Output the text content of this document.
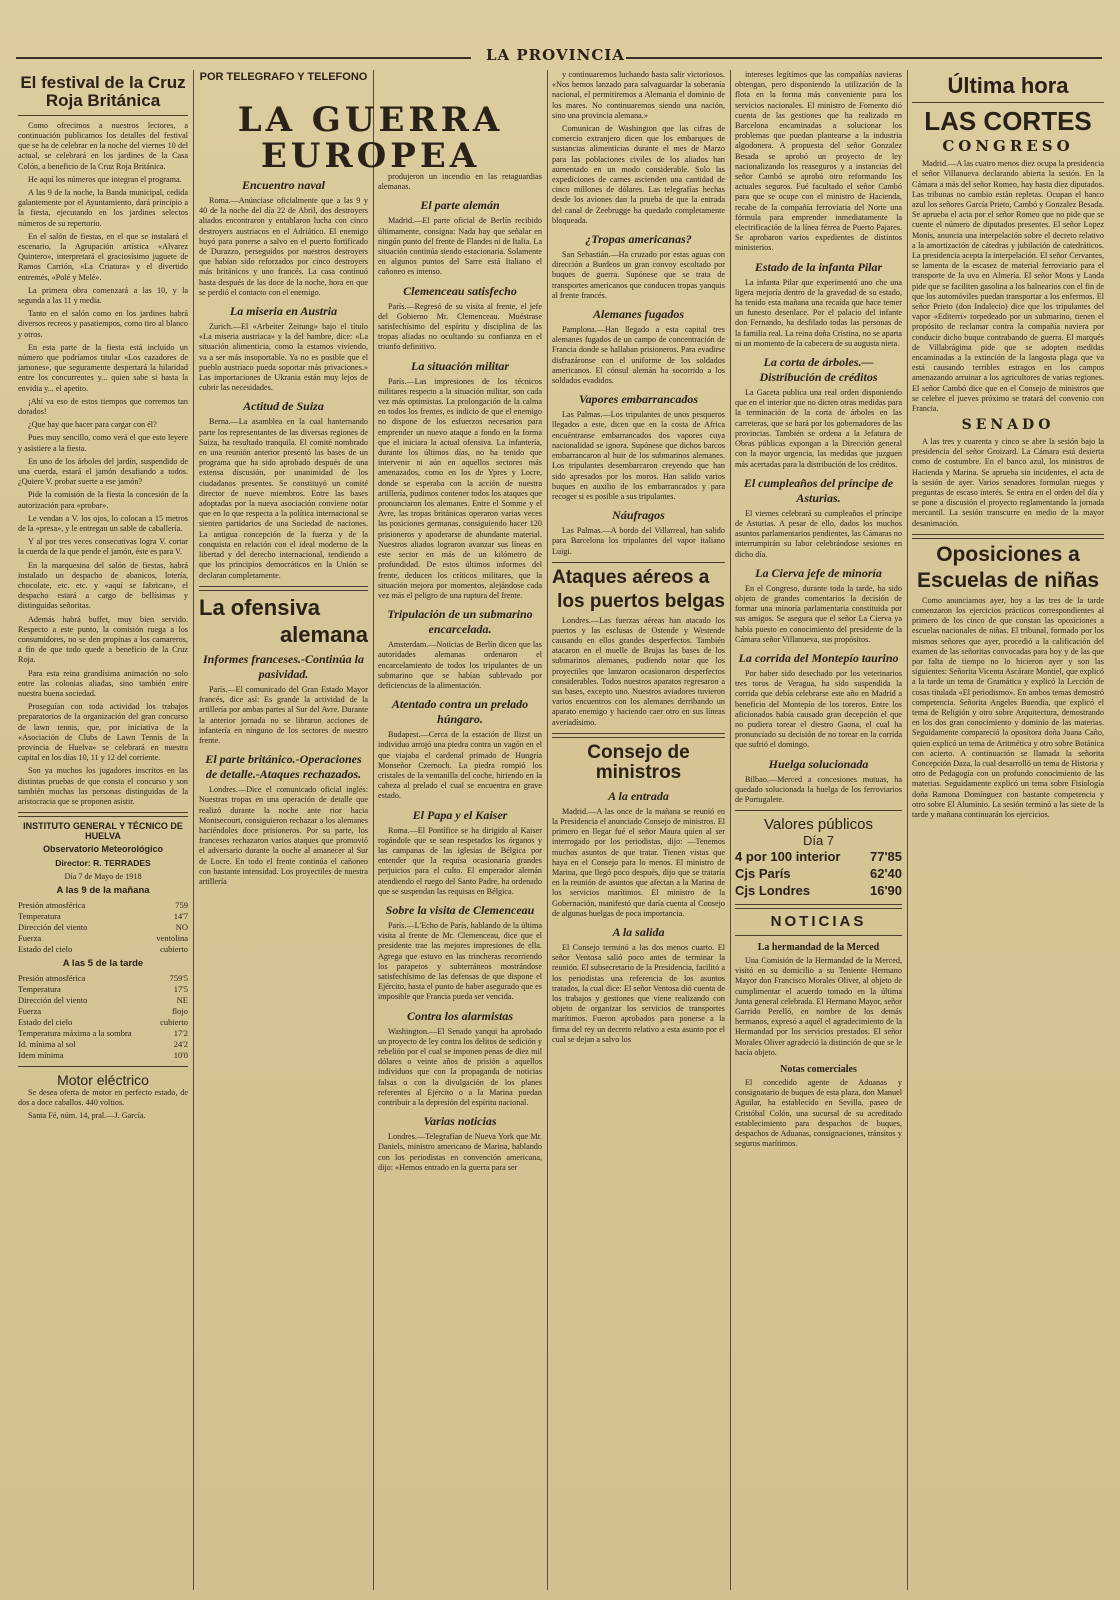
LA PROVINCIA
El festival de la Cruz Roja Británica

Como ofrecimos a nuestros lectores, a continuación publicamos los detalles del festival que se ha de celebrar en la noche del viernes 10 del actual, se celebrará en los jardines de la Casa Colón, a beneficio de la Cruz Roja Británica.

He aquí los números que integran el programa.

A las 9 de la noche, la Banda municipal, cedida galantemente por el Ayuntamiento, dará principio a la fiesta, ejecutando en los jardines selectos números de su repertorio.

En el salón de fiestas, en el que se instalará el escenario, la Agrupación artística «Alvarez Quintero», interpretará el graciosísimo juguete de Ramos Carrión, «La Criatura» y el divertido entremés, «Polé y Melé».

La primera obra comenzará a las 10, y la segunda a las 11 y media.

Tanto en el salón como en los jardines habrá diversos recreos y pasatiempos, como tiro al blanco y otros.

En esta parte de la fiesta está incluido un número que podríamos titular «Los cazadores de jamones», que seguramente despertará la hilaridad entre los concurrentes y... quien sabe si hasta la envidia y... el apetito.

¡Ahí va eso de estos tiempos que corremos tan dorados!

¿Que hay que hacer para cargar con él?

Pues muy sencillo, como verá el que esto leyere y asistiere a la fiesta.

En uno de los árboles del jardín, suspendido de una cuerda, estará el jamón desafiando a todos. ¿Quiere V. probar suerte a ese jamón?

Pide la comisión de la fiesta la concesión de la autorización para «probar».

Le vendan a V. los ojos, lo colocan a 15 metros de la «presa», y le entregan un sable de caballería.

Y al por tres veces consecutivas logra V. cortar la cuerda de la que pende el jamón, éste es para V.

En la marquesina del salón de fiestas, habrá instalado un despacho de abanicos, lotería, chocolate, etc. etc. y «aquí se fabrican», el despacho estará a cargo de bellísimas y distinguidas señoritas.

Además habrá buffet, muy bien servido. Respecto a este punto, la comisión ruega a los consumidores, no se den propinas a los camareros, a fin de que todo quede a beneficio de la Cruz Roja.

Para esta reina grandísima animación no solo entre las colonias aliadas, sino también entre nuestra buena sociedad.

Proseguían con toda actividad los trabajos preparatorios de la organización del gran concurso de lawn tennis, que, por iniciativa de la «Asociación de Clubs de Lawn Tennis de la provincia de Huelva» se celebrará en nuestra capital en los días 10, 11 y 12 del corriente.

Son ya muchos los jugadores inscritos en las distintas pruebas de que consta el concurso y son también muchas las personas distinguidas de la aristocracia que se proponen asistir.

INSTITUTO GENERAL Y TÉCNICO DE HUELVA
Observatorio Meteorológico
Director: R. TERRADES
Día 7 de Mayo de 1918
A las 9 de la mañana
Presión atmosférica	759
Temperatura	14'7
Dirección del viento	NO
Fuerza	ventolina
Estado del cielo	cubierto
A las 5 de la tarde
Presión atmosférica	759'5
Temperatura	17'5
Dirección del viento	NE
Fuerza	flojo
Estado del cielo	cubierto
Temperatura máxima a la sombra	17'2
Id. mínima al sol	24'2
Idem mínima	10'0
Motor eléctrico
Se desea oferta de motor en perfecto estado, de dos a doce caballos. 440 voltios.
Santa Fé, núm. 14, pral.—J. García.
POR TELEGRAFO Y TELEFONO
LA GUERRA
EUROPEA
Encuentro naval

Roma.—Anúnciase oficialmente que a las 9 y 40 de la noche del día 22 de Abril, dos destroyers aliados encontraron y entablaron lucha con cinco destroyers austriacos en el Adriático. El enemigo huyó para ponerse a salvo en el puerto fortificado de Durazzo, perseguidos por nuestros destroyers que habían sido reforzados por cinco destroyers más británicos y uno francés. La casa continuó hasta después de las doce de la noche, hora en que se perdió el contacto con el enemigo.

La miseria en Austria

Zurich.—El «Arbeiter Zeitung» bajo el título «La miseria austriaca» y la del hambre, dice: «La situación alimenticia, como la estamos viviendo, va a ser más insoportable. Ya no es posible que el pueblo austriaco pueda soportar más privaciones.» Las importaciones de Ukrania están muy lejos de cubrir las necesidades.

Actitud de Suiza

Berna.—La asamblea en la cual hanternando parte los representantes de las diversas regiones de Suiza, ha resultado tranquila. El comité nombrado en una reunión anterior presentó las bases de un programa que ha sido aprobado después de una extensa discusión, por unanimidad de los ciudadanos presentes. Se constituyó un comité director de nueve miembros. Entre las bases adoptadas por la nueva asociación conviene notar que en lo que respecta a la política internacional se sienten partidarios de una Sociedad de naciones. La antigua concepción de la fuerza y de la conquista en relación con el ideal moderno de la libertad y del derecho internacional, tendiendo a que los principios democráticos en la Unión se declaran completamente.

La ofensiva
alemana
Informes franceses.-Continúa la pasividad.
París.—El comunicado del Gran Estado Mayor francés, dice así: Es grande la actividad de la artillería por ambas partes al Sur del Avre. Durante la anterior jornada no se libraron acciones de infantería en ninguno de los sectores de nuestro frente.
El parte británico.-Operaciones de detalle.-Ataques rechazados.
Londres.—Dice el comunicado oficial inglés: Nuestras tropas en una operación de detalle que realizó durante la noche ante rior hacia Montsecourt, consiguieron rechazar a los alemanes haciéndoles doce prisioneros. Por su parte, los franceses rechazaron varios ataques que promovió el adversario durante la noche al amanecer al Sur de Locre. En todo el frente continúa el cañoneo con bastante intensidad. Los proyectiles de nuestra artillería
produjeron un incendio en las retaguardias alemanas.
El parte alemán

Madrid.—El parte oficial de Berlín recibido últimamente, consigna: Nada hay que señalar en ningún punto del frente de Flandes ni de Italia. La situación continúa siendo estacionaria. Solamente en algunos puntos del Sarre está Italiano el cañoneo es intenso.

Clemenceau satisfecho

París.—Regresó de su visita al frente, el jefe del Gobierno Mr. Clemenceau. Muéstrase satisfechísimo del espíritu y disciplina de las tropas aliadas no ocultando su confianza en el triunfo definitivo.

La situación militar

París.—Las impresiones de los técnicos militares respecto a la situación militar, son cada vez más optimistas. La prolongación de la calma en todos los frentes, es indicio de que el enemigo no dispone de los esfuerzos necesarios para emprender un nuevo ataque a fondo en la forma que el iniciara la actual ofensiva. La infantería, durante los últimos días, no ha tenido que intervenir ni aún en aquellos sectores más amenazados, como en los de Ypres y Locre, donde se esperaba con la acción de nuestra artillería, pudimos contener todos los ataques que pronunciaron los alemanes. Entre el Somme y el Avre, las tropas británicas operaron varias veces las posiciones germanas, consiguiendo hacer 120 prisioneros y apoderarse de abundante material. Nuestros aliados lograron avanzar sus líneas en este sector en más de un kilómetro de profundidad. De estos últimos informes del frente, deducen los críticos militares, que la situación mejora por momentos, alejándose cada vez más el peligro de una ruptura del frente.

Tripulación de un submarino encarcelada.

Amsterdam.—Noticias de Berlín dicen que las autoridades alemanas ordenaron el encarcelamiento de todos los tripulantes de un submarino que se habían sublevado por deficiencias de la alimentación.

Atentado contra un prelado húngaro.

Budapest.—Cerca de la estación de Ilizst un individuo arrojó una piedra contra un vagón en el que viajaba el cardenal primado de Hungría Monseñor Czernoch. La piedra rompió los cristales de la ventanilla del coche, hiriendo en la cabeza al prelado el cual se encuentra en grave estado.

El Papa y el Kaiser

Roma.—El Pontífice se ha dirigido al Kaiser rogándole que se sean respetados los órganos y las campanas de las iglesias de Bélgica por entender que la requisa ocasionaría grandes perjuicios para el culto. El emperador alemán atendiendo el ruego del Santo Padre, ha ordenado que se suspendan las requisas en Bélgica.

Sobre la visita de Clemenceau

París.—L'Echo de París, hablando de la última visita al frente de Mr. Clemenceau, dice que el presidente trae las mejores impresiones de ella. Agrega que estuvo en las trincheras recorriendo los parapetos y subterráneos mostrándose satisfechísimo de las defensas de que dispone el Ejército, hasta el punto de haber asegurado que es imposible que Francia pueda ser vencida.

Contra los alarmistas

Washington.—El Senado yanqui ha aprobado un proyecto de ley contra los delitos de sedición y rebelión por el cual se imponen penas de diez mil dólares o veinte años de prisión a aquellos individuos que con la propaganda de noticias falsas o con la divulgación de los planes referentes al Ejército o a la Marina puedan contribuir a la depresión del espíritu nacional.

Varias noticias

Londres.—Telegrafían de Nueva York que Mr. Daniels, ministro americano de Marina, hablando con los periodistas en convención americana, dijo: «Hemos entrado en la guerra para ser

y continuaremos luchando hasta salir victoriosos. «Nos hemos lanzado para salvaguardar la soberanía nacional, el permitiremos a Alemania el dominio de los mares. No continuaremos siendo una nación, sino una provincia alemana.»
Comunican de Washington que las cifras de comercio extranjero dicen que los embarques de sustancias alimenticias durante el mes de Marzo para las poblaciones civiles de los aliados han aumentado en un modo considerable. Solo las expediciones de carnes ascienden una cantidad de cinco millones de dólares. Las telegrafías hechas desde los aviones dan la prueba de que la entrada del canal de Zeebrugge ha quedado completamente bloqueada.
¿Tropas americanas?

San Sebastián.—Ha cruzado por estas aguas con dirección a Burdeos un gran convoy escoltado por buques de guerra. Supónese que se trata de transportes americanos que conducen tropas yanquis al frente francés.

Alemanes fugados

Pamplona.—Han llegado a esta capital tres alemanes fugados de un campo de concentración de Francia donde se hallaban prisioneros. Para evadirse disfrazáronse con el uniforme de los soldados americanos. El cónsul alemán ha socorrido a los soldados evadidos.

Vapores embarrancados

Las Palmas.—Los tripulantes de unos pesqueros llegados a este, dicen que en la costa de Africa encuéntranse embarrancados dos vapores cuya nacionalidad se ignora. Supónese que dichos barcos embarrancaron al huir de los submarinos alemanes. Los tripulantes desembarcaron creyendo que han sido apresados por los moros. Han salido varios buques en auxilio de los embarrancados y para recoger si es posible a sus tripulantes.

Náufragos

Las Palmas.—A bordo del Villarreal, han salido para Barcelona los tripulantes del vapor italiano Luigi.

Ataques aéreos a
los puertos belgas
Londres.—Las fuerzas aéreas han atacado los puertos y las esclusas de Ostende y Westende causando en ellos grandes desperfectos. También atacaron en el muelle de Brujas las bases de los submarinos alemanes, pudiendo notar que los proyectiles que lanzaron ocasionaron desperfectos considerables. Todos nuestros aparatos regresaron a sus bases, excepto uno. Nuestros aviadores tuvieron varios encuentros con los alemanes derribando un aparato enemigo y haciendo caer otro en sus líneas averiadísimo.
Consejo de ministros
A la entrada

Madrid.—A las once de la mañana se reunió en la Presidencia el anunciado Consejo de ministros. El primero en llegar fué el señor Maura quien al ser interrogado por los periodistas, dijo: —Tenemos muchos asuntos de que tratar. Tienen vistas que haya en el Consejo para lo menos. El ministro de Marina, que llegó poco después, dijo que se trataría en la reunión de asuntos que afectan a la Marina de los servicios marítimos. El ministro de la Gobernación, manifestó que daría cuenta al Consejo de algunas huelgas de poca importancia.

A la salida

El Consejo terminó a las dos menos cuarto. El señor Ventosa salió poco antes de terminar la reunión. El subsecretario de la Presidencia, facilitó a los periodistas una referencia de los asuntos tratados, la cual dice: El señor Ventosa dió cuenta de los trabajos y gestiones que viene realizando con objeto de organizar los servicios de transportes marítimos. Fueron aprobados para ponerse a la firma del rey un decreto relativo a esta asunto por el cual se dejan a salvo los

intereses legítimos que las compañías navieras obtengan, pero disponiendo la utilización de la flota en la forma más conveniente para los servicios nacionales. El ministro de Fomento dió cuenta de las gestiones que ha realizado en Barcelona encaminadas a solucionar los problemas que puedan plantearse a la industria algodonera. A propuesta del señor Gonzalez Besada se aprobó un proyecto de ley nacionalizando los reaseguros y a instancias del señor Cambó se aprobó otro reformando los actuales seguros. Fué facultado el señor Cambó para que se ocupe con el ministro de Hacienda, recabe de la compañía ferroviaria del Norte una fórmula para emprender inmediatamente la electrificación de la línea férrea de Puerto Pajares. Se aprobaron varios expedientes de distintos ministerios.
Estado de la infanta Pilar

La infanta Pilar que experimentó ano che una ligera mejoría dentro de la gravedad de su estado, ha tenido esta mañana una recaída que hace temer un funesto desenlace. Por el palacio del infante don Fernando, ha desfilado todas las personas de la familia real. La reina doña Cristina, no se aparta ni un momento de la cabecera de su augusta nieta.

La corta de árboles.—Distribución de créditos

La Gaceta publica una real orden disponiendo que en el interior que no dicten otras medidas para la terminación de la corta de árboles en las carreteras, que se hará por los gobernadores de las provincias. También se ordena a la Jefatura de Obras públicas expongan a la Dirección general con la mayor urgencia, las medidas que juzguen más acertadas para la distribución de los créditos.

El cumpleaños del príncipe de Asturias.

El viernes celebrará su cumpleaños el príncipe de Asturias. A pesar de ello, dados los muchos asuntos parlamentarios pendientes, las Cámaras no interrumpirán su labor celebrándose sesiones en dicho día.

La Cierva jefe de minoría

En el Congreso, durante toda la tarde, ha sido objeto de grandes comentarios la decisión de formar una minoría parlamentaria constituida por sus amigos. Se asegura que el señor La Cierva ya había puesto en conocimiento del presidente de la Cámara señor Villanueva, sus propósitos.

La corrida del Montepío taurino

Por haber sido desechado por los veterinarios tres toros de Veragua, ha sido suspendida la corrida que debía celebrarse este año en Madrid a beneficio del Montepío de los toreros. Entre los aficionados había causado gran decepción el que no pudiera torear el diestro Gaona, el cual ha pronunciado su decisión de no torear en la corrida que sufrió el domingo.

Huelga solucionada

Bilbao.—Merced a concesiones mutuas, ha quedado solucionada la huelga de los ferroviarios de Portugalete.

Valores públicos
Día 7
4 por 100 interior 77'85
Cjs París	62'40
Cjs Londres	16'90
NOTICIAS
La hermandad de la Merced
Una Comisión de la Hermandad de la Merced, visitó en su domicilio a su Teniente Hermano Mayor don Francisco Morales Oliver, al objeto de cumplimentar el acuerdo tomado en la última Junta general celebrada. El Hermano Mayor, señor Garrido Perelló, en nombre de los demás hermanos, expresó a aquél el agradecimiento de la Hermandad por los servicios prestados. El señor Morales Oliver agradeció la distinción de que se le hacía objeto.
Notas comerciales
El concedido agente de Aduanas y consignatario de buques de esta plaza, don Manuel Aguilar, ha establecido en Sevilla, paseo de Cristóbal Colón, una sucursal de su acreditado establecimiento para despachos de buques, despachos de Aduanas, consignaciones, tránsitos y seguros marítimos.
Última hora
LAS CORTES
CONGRESO
Madrid.—A las cuatro menos diez ocupa la presidencia el señor Villanueva declarando abierta la sesión. En la Cámara a más del señor Romeo, hay hasta diez diputados. Las tribunas no cambio están repletas. Ocupan el banco azul los señores García Prieto, Cambó y Gonzalez Besada. Se aprueba el acta por el señor Romeo que no pide que se cuente el número de diputados presentes. El señor Lopez Monis, anuncia una interpelación sobre el decreto relativo a la amortización de cátedras y jubilación de catedráticos. La presidencia acepta la interpelación. El señor Cervantes, se lamenta de la escasez de material ferroviario para el transporte de la uva en Almería. El señor Mons y Landa pide que se faciliten gasolina a los balnearios con el fin de que los automóviles puedan transportar a los enfermos. El señor Prieto (don Indalecio) dice que los tripulantes del vapor «Editerri» torpedeado por un submarino, tienen el propósito de reclamar contra la compañía naviera por conducir dicho buque contrabando de guerra. El marqués de Villabrágima pide que se adopten medidas encaminadas a la extinción de la langosta plaga que va está causando terribles estragos en los campos amenazando arruinar a los agricultores de varias regiones. El señor Cambó dice que en el Consejo de ministros que se celebre el jueves próximo se tratará del convenio con Francia.
SENADO
A las tres y cuarenta y cinco se abre la sesión bajo la presidencia del señor Groizard. La Cámara está desierta como de costumbre. En el banco azul, los ministros de Hacienda y Marina. Se aprueba sin incidentes, el acta de la sesión de ayer. Varios senadores formulan ruegos y preguntas de escaso interés. Se entra en el orden del día y se pone a discusión el proyecto reglamentando la jornada mercantil. La sesión transcurre en medio de la mayor desanimación.
Oposiciones a
Escuelas de niñas
Como anunciamos ayer, hoy a las tres de la tarde comenzaron los ejercicios prácticos correspondientes al primero de los cinco de que constan las oposiciones a escuelas nacionales de niñas. El tribunal, formado por los mismos señores que ayer, procedió a la calificación del examen de las señoritas convocadas para hoy y de las que por falta de tiempo no lo hicieron ayer y son las siguientes: Señorita Vicenta Ascárate Montiel, que explicó a la tarde un tema de Gramática y explicó la Lección de cosas titulada «El periodismo». En ambos temas demostró competencia. Señorita Angeles Buendía, que explicó el tema de Religión y otro sobre Arquitectura, demostrando en los dos gran conocimiento y dominio de las materias. Seguidamente compareció la opositora doña Juana Caño, quien explicó un tema de Aritmética y otro sobre Botánica con acierto. A continuación se llamada la señorita Concepción Daza, la cual desarrolló un tema de Historia y otro de Pedagogía con un profundo conocimiento de las materias. Seguidamente explicó un tema sobre Fisiología doña Ramona Domínguez con bastante competencia y otro sobre El Aluminio. La sesión terminó a las siete de la tarde y mañana continuarán los ejercicios.
